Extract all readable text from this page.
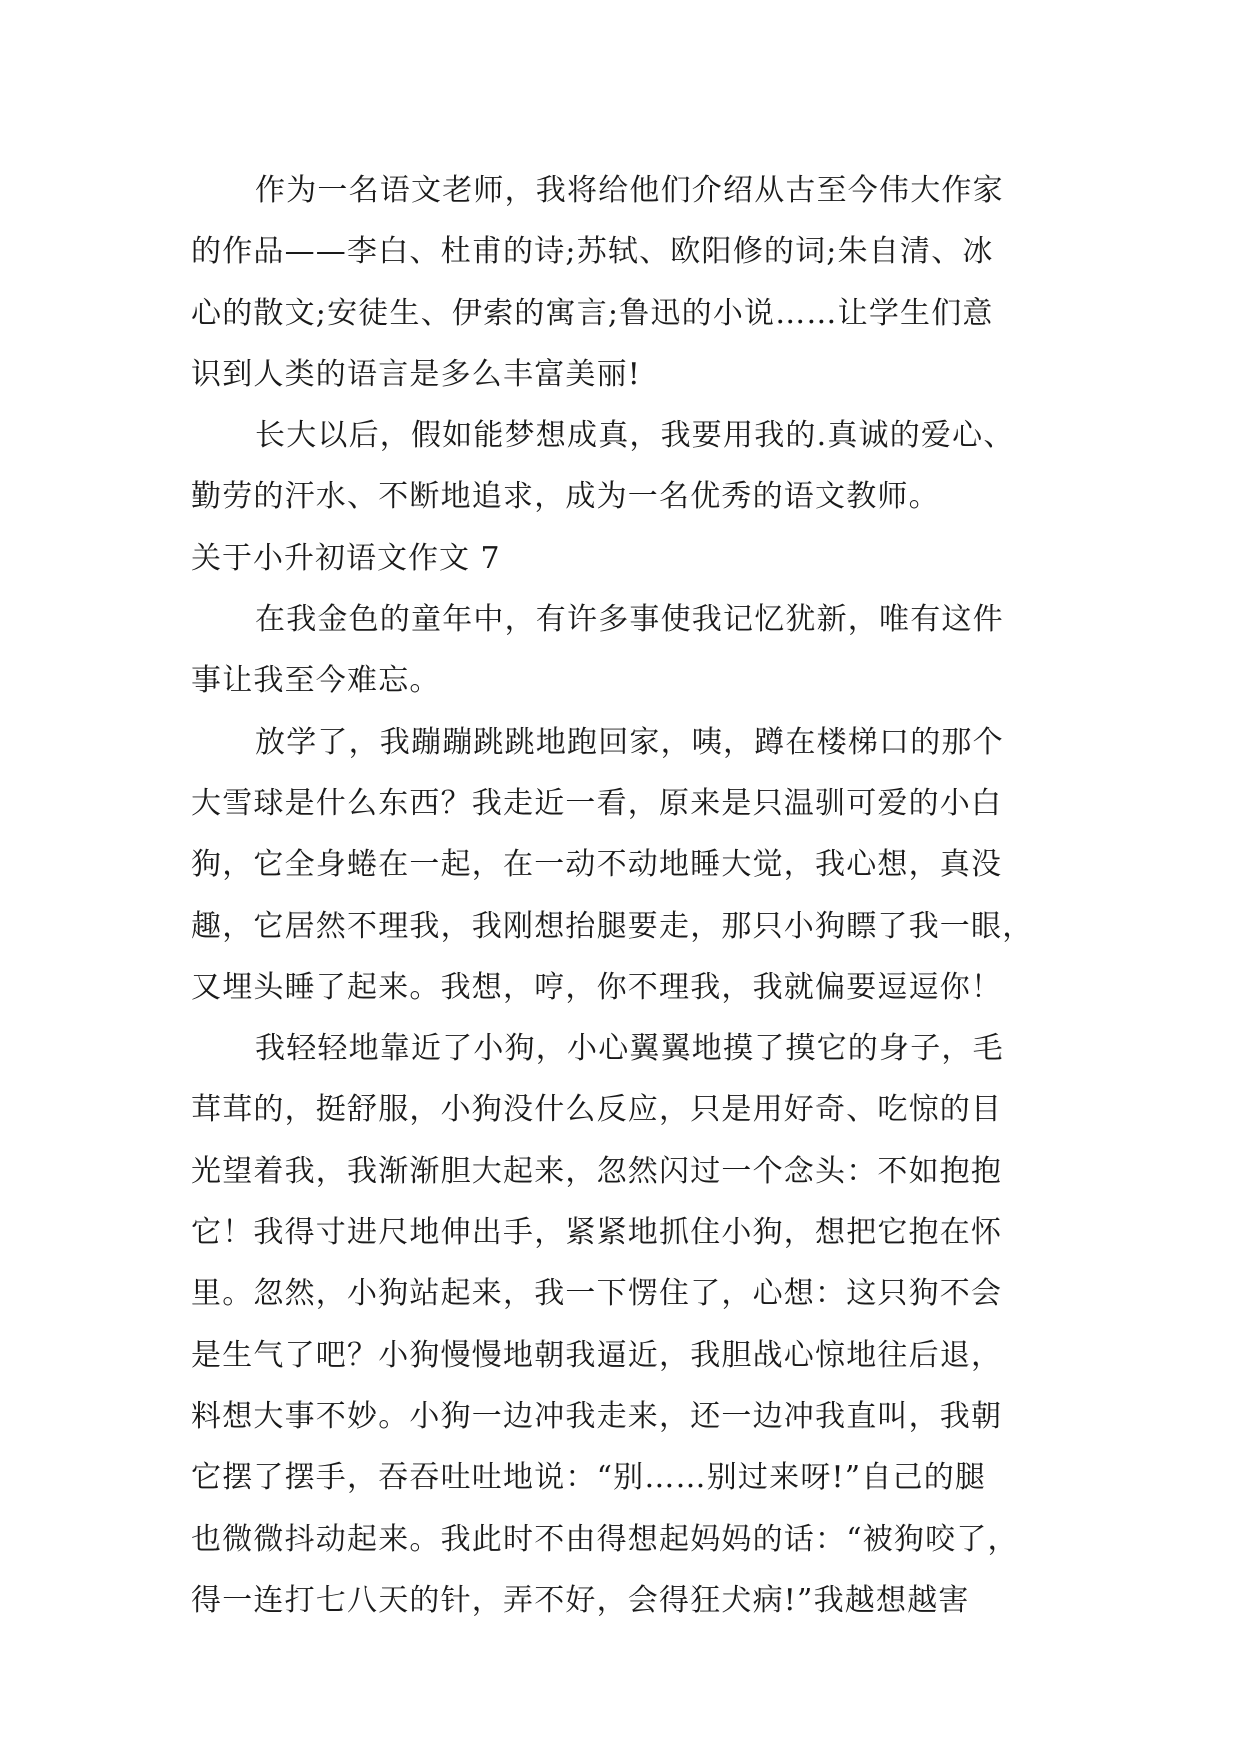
作为一名语文老师，我将给他们介绍从古至今伟大作家
的作品——李白、杜甫的诗;苏轼、欧阳修的词;朱自清、冰
心的散文;安徒生、伊索的寓言;鲁迅的小说……让学生们意
识到人类的语言是多么丰富美丽!
长大以后，假如能梦想成真，我要用我的.真诚的爱心、
勤劳的汗水、不断地追求，成为一名优秀的语文教师。
关于小升初语文作文 7
在我金色的童年中，有许多事使我记忆犹新，唯有这件
事让我至今难忘。
放学了，我蹦蹦跳跳地跑回家，咦，蹲在楼梯口的那个
大雪球是什么东西？我走近一看，原来是只温驯可爱的小白
狗，它全身蜷在一起，在一动不动地睡大觉，我心想，真没
趣，它居然不理我，我刚想抬腿要走，那只小狗瞟了我一眼，
又埋头睡了起来。我想，哼，你不理我，我就偏要逗逗你！
我轻轻地靠近了小狗，小心翼翼地摸了摸它的身子，毛
茸茸的，挺舒服，小狗没什么反应，只是用好奇、吃惊的目
光望着我，我渐渐胆大起来，忽然闪过一个念头：不如抱抱
它！我得寸进尺地伸出手，紧紧地抓住小狗，想把它抱在怀
里。忽然，小狗站起来，我一下愣住了，心想：这只狗不会
是生气了吧？小狗慢慢地朝我逼近，我胆战心惊地往后退，
料想大事不妙。小狗一边冲我走来，还一边冲我直叫，我朝
它摆了摆手，吞吞吐吐地说：“别……别过来呀!”自己的腿
也微微抖动起来。我此时不由得想起妈妈的话：“被狗咬了，
得一连打七八天的针，弄不好，会得狂犬病!”我越想越害
